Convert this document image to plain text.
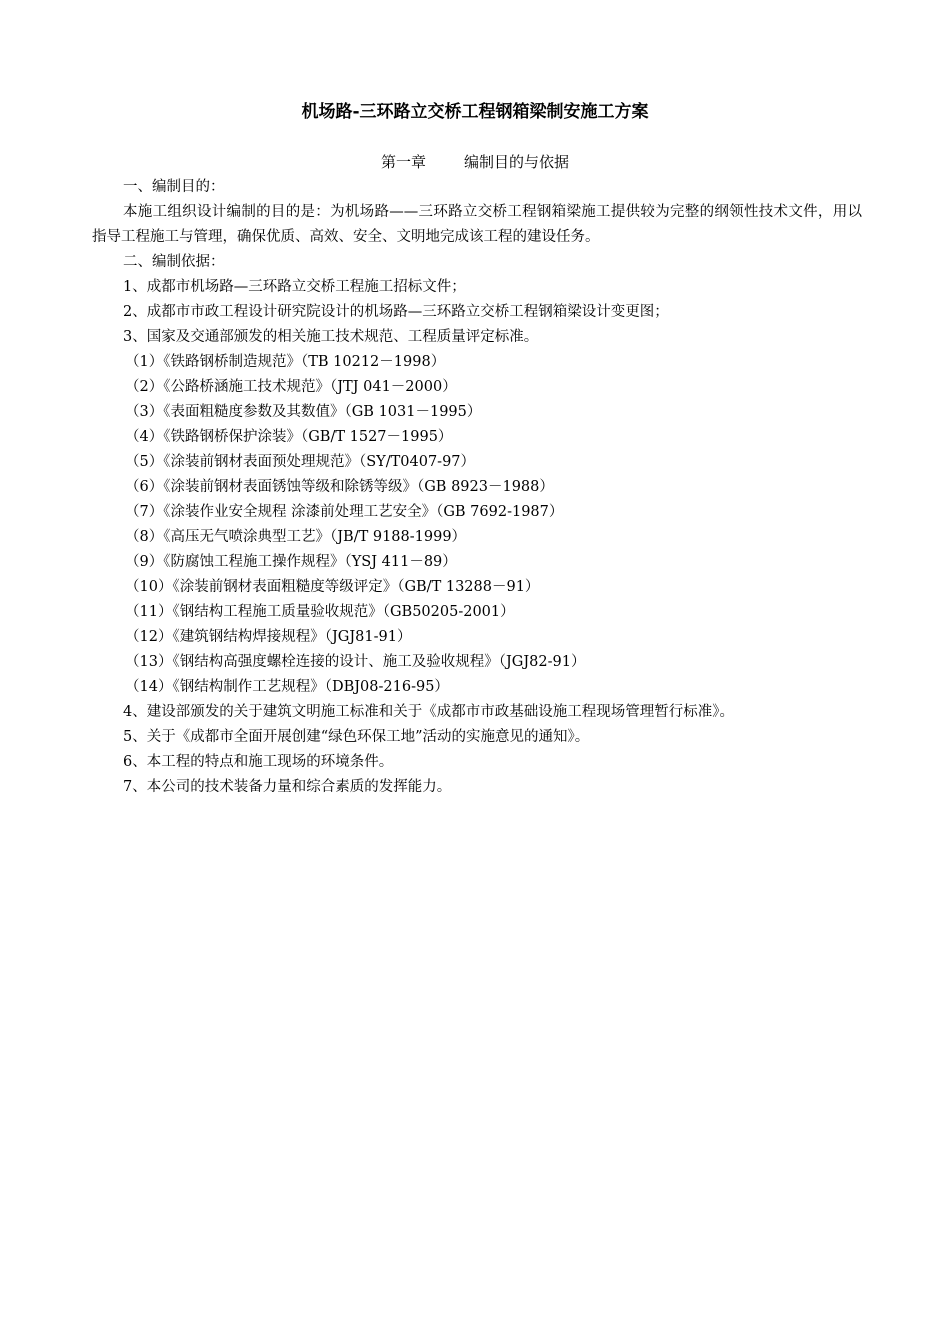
机场路-三环路立交桥工程钢箱梁制安施工方案

第一章	编制目的与依据

一、编制目的：

本施工组织设计编制的目的是：为机场路——三环路立交桥工程钢箱梁施工提供较为完整的纲领性技术文件，用以指导工程施工与管理，确保优质、高效、安全、文明地完成该工程的建设任务。

二、编制依据：

1、成都市机场路—三环路立交桥工程施工招标文件；

2、成都市市政工程设计研究院设计的机场路—三环路立交桥工程钢箱梁设计变更图；

3、国家及交通部颁发的相关施工技术规范、工程质量评定标准。

（1）《铁路钢桥制造规范》（TB 10212－1998）

（2）《公路桥涵施工技术规范》（JTJ 041－2000）

（3）《表面粗糙度参数及其数值》（GB 1031－1995）

（4）《铁路钢桥保护涂装》（GB/T 1527－1995）

（5）《涂装前钢材表面预处理规范》（SY/T0407-97）

（6）《涂装前钢材表面锈蚀等级和除锈等级》（GB 8923－1988）

（7）《涂装作业安全规程 涂漆前处理工艺安全》（GB 7692-1987）

（8）《高压无气喷涂典型工艺》（JB/T 9188-1999）

（9）《防腐蚀工程施工操作规程》（YSJ 411－89）

（10）《涂装前钢材表面粗糙度等级评定》（GB/T 13288－91）

（11）《钢结构工程施工质量验收规范》（GB50205-2001）

（12）《建筑钢结构焊接规程》（JGJ81-91）

（13）《钢结构高强度螺栓连接的设计、施工及验收规程》（JGJ82-91）

（14）《钢结构制作工艺规程》（DBJ08-216-95）

4、建设部颁发的关于建筑文明施工标准和关于《成都市市政基础设施工程现场管理暂行标准》。

5、关于《成都市全面开展创建“绿色环保工地”活动的实施意见的通知》。

6、本工程的特点和施工现场的环境条件。

7、本公司的技术装备力量和综合素质的发挥能力。
